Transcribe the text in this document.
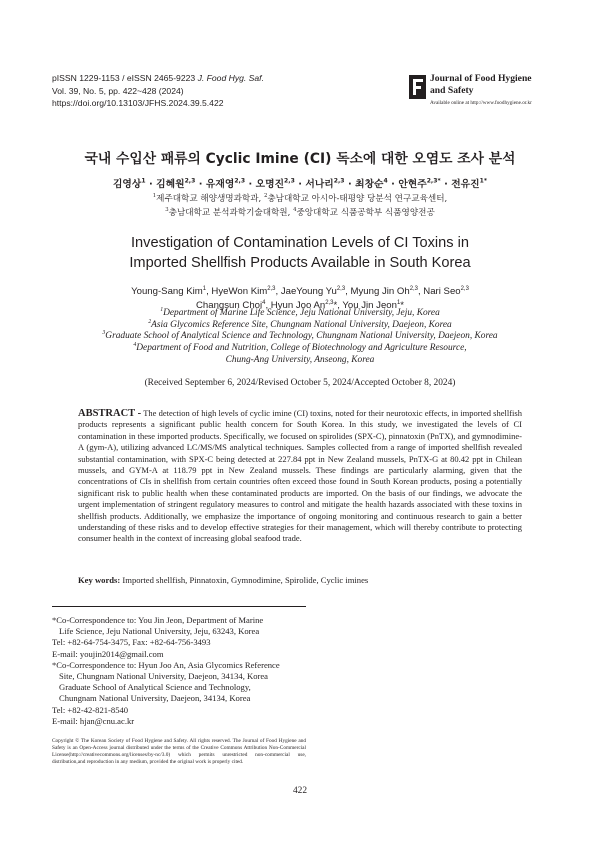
pISSN 1229-1153 / eISSN 2465-9223 J. Food Hyg. Saf.
Vol. 39, No. 5, pp. 422~428 (2024)
https://doi.org/10.13103/JFHS.2024.39.5.422
Journal of Food Hygiene
and Safety
Available online at http://www.foodhygiene.or.kr
국내 수입산 패류의 Cyclic Imine (CI) 독소에 대한 오염도 조사 분석
김영상$^1$ · 김혜원$^{2,3}$ · 유재영$^{2,3}$ · 오명진$^{2,3}$ · 서나리$^{2,3}$ · 최창순$^4$ · 안현주$^{2,3*}$ · 전유진$^{1*}$
$^1$제주대학교 해양생명과학과, $^2$충남대학교 아시아-태평양 당분석 연구교육센터,
$^3$충남대학교 분석과학기술대학원, $^4$중앙대학교 식품공학부 식품영양전공
Investigation of Contamination Levels of CI Toxins in
Imported Shellfish Products Available in South Korea
Young-Sang Kim$^1$, HyeWon Kim$^{2,3}$, JaeYoung Yu$^{2,3}$, Myung Jin Oh$^{2,3}$, Nari Seo$^{2,3}$
Changsun Choi$^4$, Hyun Joo An$^{2,3}$*, You Jin Jeon$^1$*
$^1$Department of Marine Life Science, Jeju National University, Jeju, Korea
$^2$Asia Glycomics Reference Site, Chungnam National University, Daejeon, Korea
$^3$Graduate School of Analytical Science and Technology, Chungnam National University, Daejeon, Korea
$^4$Department of Food and Nutrition, College of Biotechnology and Agriculture Resource,
Chung-Ang University, Anseong, Korea
(Received September 6, 2024/Revised October 5, 2024/Accepted October 8, 2024)
ABSTRACT - The detection of high levels of cyclic imine (CI) toxins, noted for their neurotoxic effects, in imported shellfish products represents a significant public health concern for South Korea. In this study, we investigated the levels of CI contamination in these imported products. Specifically, we focused on spirolides (SPX-C), pinnatoxin (PnTX), and gymnodimine-A (gym-A), utilizing advanced LC/MS/MS analytical techniques. Samples collected from a range of imported shellfish revealed substantial contamination, with SPX-C being detected at 227.84 ppt in New Zealand mussels, PnTX-G at 80.42 ppt in Chilean mussels, and GYM-A at 118.79 ppt in New Zealand mussels. These findings are particularly alarming, given that the concentrations of CIs in shellfish from certain countries often exceed those found in South Korean products, posing a potentially significant risk to public health when these contaminated products are imported. On the basis of our findings, we advocate the urgent implementation of stringent regulatory measures to control and mitigate the health hazards associated with these toxins in shellfish products. Additionally, we emphasize the importance of ongoing monitoring and continuous research to gain a better understanding of these risks and to develop effective strategies for their management, which will thereby contribute to protecting consumer health in the context of increasing global seafood trade.
Key words: Imported shellfish, Pinnatoxin, Gymnodimine, Spirolide, Cyclic imines
*Co-Correspondence to: You Jin Jeon, Department of Marine
Life Science, Jeju National University, Jeju, 63243, Korea
Tel: +82-64-754-3475, Fax: +82-64-756-3493
E-mail: youjin2014@gmail.com
*Co-Correspondence to: Hyun Joo An, Asia Glycomics Reference
Site, Chungnam National University, Daejeon, 34134, Korea
Graduate School of Analytical Science and Technology,
Chungnam National University, Daejeon, 34134, Korea
Tel: +82-42-821-8540
E-mail: hjan@cnu.ac.kr
Copyright © The Korean Society of Food Hygiene and Safety. All rights reserved. The Journal of Food Hygiene and Safety is an Open-Access journal distributed under the terms of the Creative Commons Attribution Non-Commercial License(http://creativecommons.org/licenses/by-nc/3.0) which permits unrestricted non-commercial use, distribution,and reproduction in any medium, provided the original work is properly cited.
422
